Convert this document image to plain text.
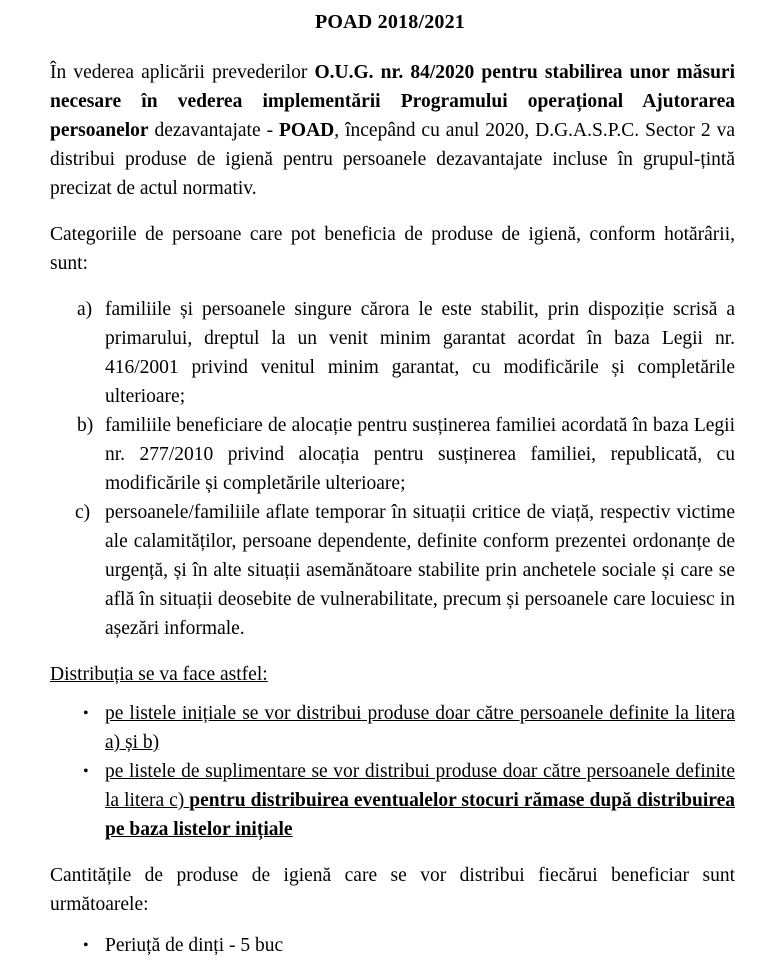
POAD 2018/2021

În vederea aplicării prevederilor O.U.G. nr. 84/2020 pentru stabilirea unor măsuri necesare în vederea implementării Programului operațional Ajutorarea persoanelor dezavantajate - POAD, începând cu anul 2020, D.G.A.S.P.C. Sector 2 va distribui produse de igienă pentru persoanele dezavantajate incluse în grupul-țintă precizat de actul normativ.

Categoriile de persoane care pot beneficia de produse de igienă, conform hotărârii, sunt:

a) familiile și persoanele singure cărora le este stabilit, prin dispoziție scrisă a primarului, dreptul la un venit minim garantat acordat în baza Legii nr. 416/2001 privind venitul minim garantat, cu modificările și completările ulterioare;
b) familiile beneficiare de alocație pentru susținerea familiei acordată în baza Legii nr. 277/2010 privind alocația pentru susținerea familiei, republicată, cu modificările și completările ulterioare;
c) persoanele/familiile aflate temporar în situații critice de viață, respectiv victime ale calamităților, persoane dependente, definite conform prezentei ordonanțe de urgență, și în alte situații asemănătoare stabilite prin anchetele sociale și care se află în situații deosebite de vulnerabilitate, precum și persoanele care locuiesc in așezări informale.
Distribuția se va face astfel:
• pe listele inițiale se vor distribui produse doar către persoanele definite la litera a) și b)
• pe listele de suplimentare se vor distribui produse doar către persoanele definite la litera c) pentru distribuirea eventualelor stocuri rămase după distribuirea pe baza listelor inițiale

Cantitățile de produse de igienă care se vor distribui fiecărui beneficiar sunt următoarele:

• Periuță de dinți - 5 buc
